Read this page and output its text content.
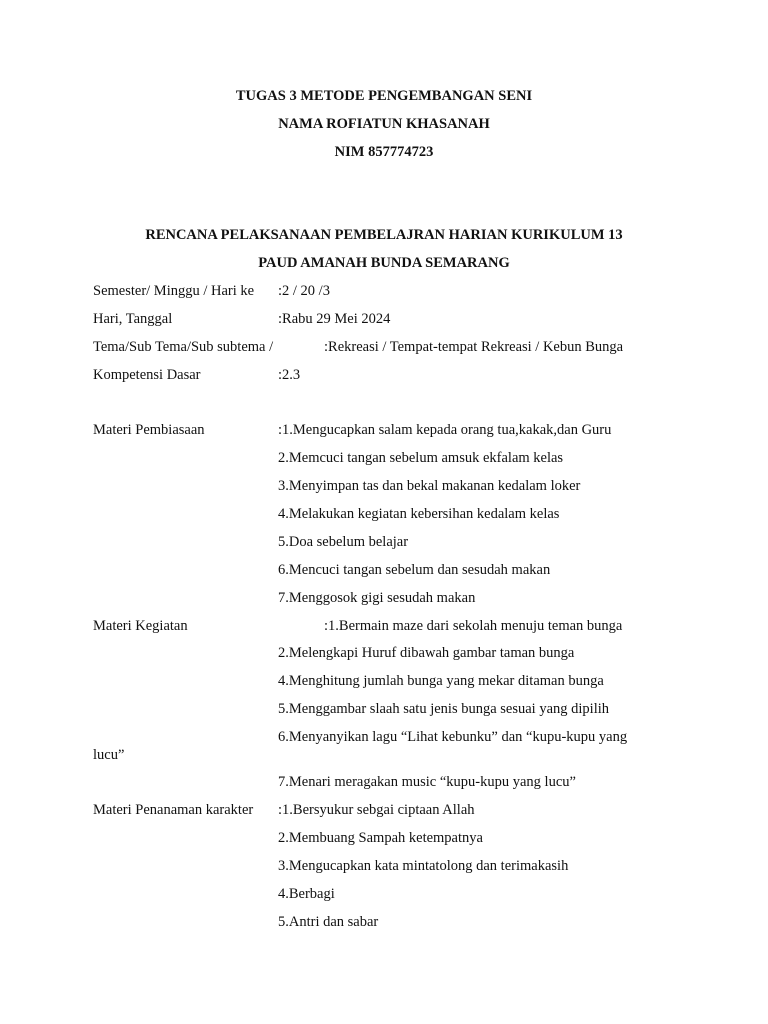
TUGAS 3 METODE PENGEMBANGAN SENI
NAMA ROFIATUN KHASANAH
NIM 857774723
RENCANA PELAKSANAAN PEMBELAJRAN HARIAN KURIKULUM 13
PAUD AMANAH BUNDA SEMARANG
Semester/ Minggu / Hari ke :2 / 20 /3
Hari, Tanggal	:Rabu 29 Mei 2024
Tema/Sub Tema/Sub subtema /	:Rekreasi / Tempat-tempat Rekreasi / Kebun Bunga
Kompetensi Dasar	:2.3
Materi Pembiasaan	:1.Mengucapkan salam kepada orang tua,kakak,dan Guru
2.Memcuci tangan sebelum amsuk ekfalam kelas
3.Menyimpan tas dan bekal makanan kedalam loker
4.Melakukan kegiatan kebersihan kedalam kelas
5.Doa sebelum belajar
6.Mencuci tangan sebelum dan sesudah makan
7.Menggosok gigi sesudah makan
Materi Kegiatan	:1.Bermain maze dari sekolah menuju teman bunga
2.Melengkapi Huruf dibawah gambar taman bunga
4.Menghitung jumlah bunga yang mekar ditaman bunga
5.Menggambar slaah satu jenis bunga sesuai yang dipilih
6.Menyanyikan lagu “Lihat kebunku” dan “kupu-kupu yang
lucu”
7.Menari meragakan music “kupu-kupu yang lucu”
Materi Penanaman karakter :1.Bersyukur sebgai ciptaan Allah
2.Membuang Sampah ketempatnya
3.Mengucapkan kata mintatolong dan terimakasih
4.Berbagi
5.Antri dan sabar
